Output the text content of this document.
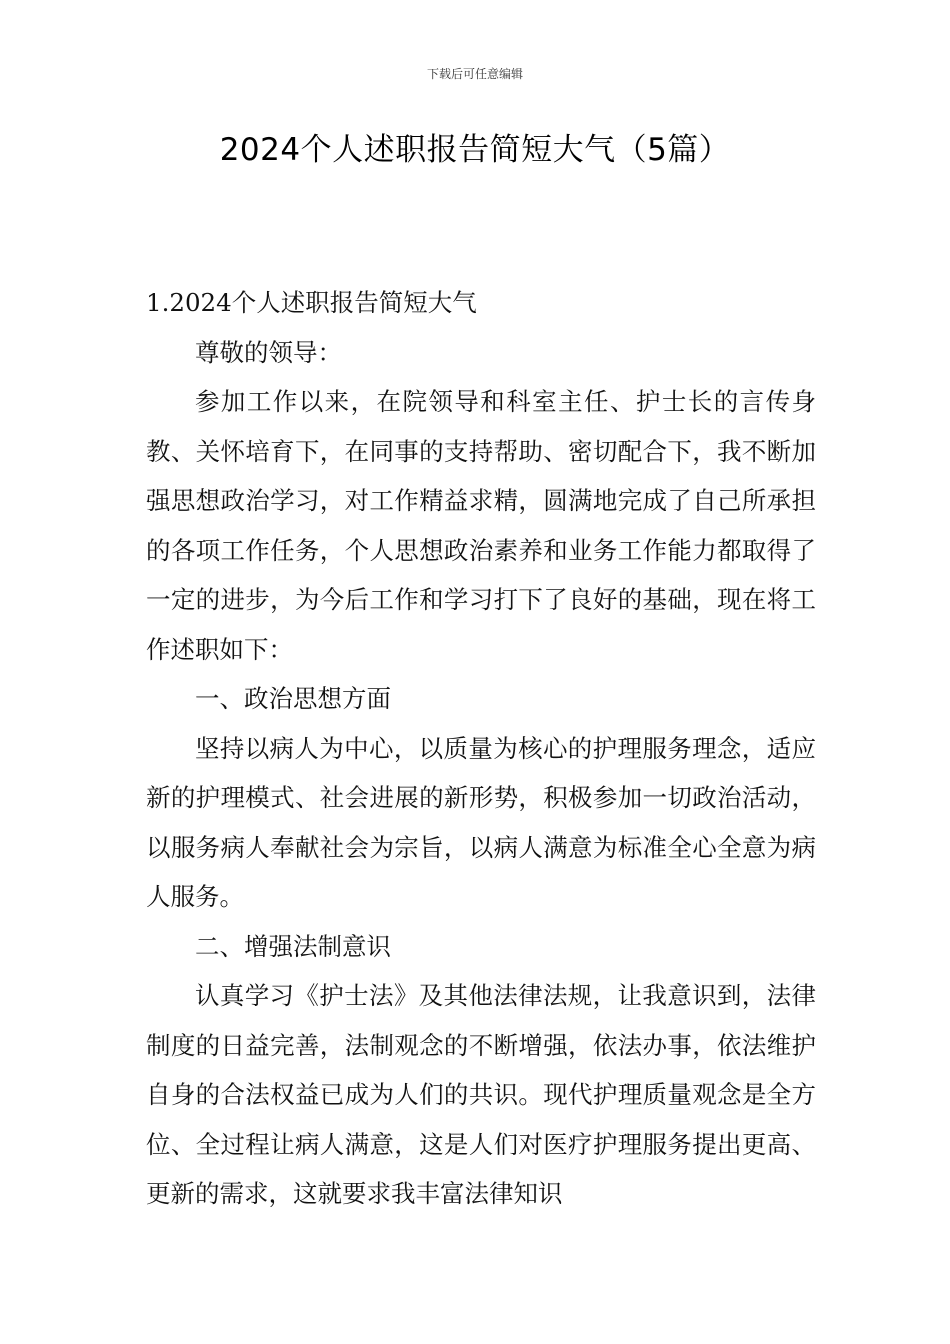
下载后可任意编辑
2024个人述职报告简短大气（5篇）

1.2024个人述职报告简短大气

尊敬的领导：

参加工作以来，在院领导和科室主任、护士长的言传身教、关怀培育下，在同事的支持帮助、密切配合下，我不断加强思想政治学习，对工作精益求精，圆满地完成了自己所承担的各项工作任务，个人思想政治素养和业务工作能力都取得了一定的进步，为今后工作和学习打下了良好的基础，现在将工作述职如下：

一、政治思想方面

坚持以病人为中心，以质量为核心的护理服务理念，适应新的护理模式、社会进展的新形势，积极参加一切政治活动，以服务病人奉献社会为宗旨，以病人满意为标准全心全意为病人服务。

二、增强法制意识

认真学习《护士法》及其他法律法规，让我意识到，法律制度的日益完善，法制观念的不断增强，依法办事，依法维护自身的合法权益已成为人们的共识。现代护理质量观念是全方位、全过程让病人满意，这是人们对医疗护理服务提出更高、更新的需求，这就要求我丰富法律知识
